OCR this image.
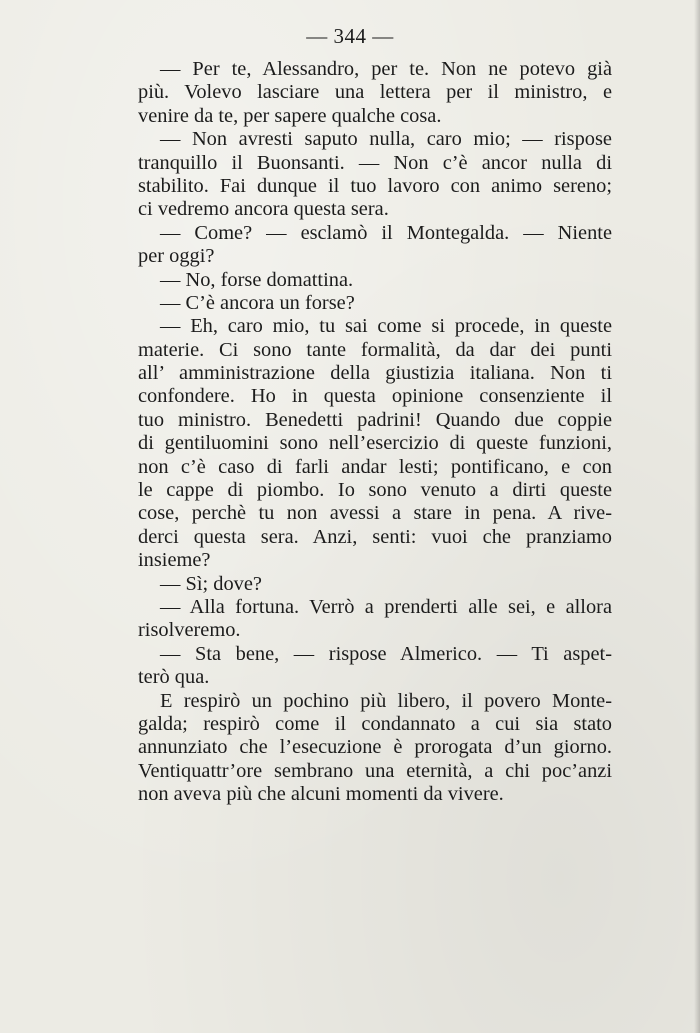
— 344 —
— Per te, Alessandro, per te. Non ne potevo già
più. Volevo lasciare una lettera per il ministro, e
venire da te, per sapere qualche cosa.
— Non avresti saputo nulla, caro mio; — rispose
tranquillo il Buonsanti. — Non c’è ancor nulla di
stabilito. Fai dunque il tuo lavoro con animo sereno;
ci vedremo ancora questa sera.
— Come? — esclamò il Montegalda. — Niente
per oggi?
— No, forse domattina.
— C’è ancora un forse?
— Eh, caro mio, tu sai come si procede, in queste
materie. Ci sono tante formalità, da dar dei punti
all’ amministrazione della giustizia italiana. Non ti
confondere. Ho in questa opinione consenziente il
tuo ministro. Benedetti padrini! Quando due coppie
di gentiluomini sono nell’esercizio di queste funzioni,
non c’è caso di farli andar lesti; pontificano, e con
le cappe di piombo. Io sono venuto a dirti queste
cose, perchè tu non avessi a stare in pena. A rive-
derci questa sera. Anzi, senti: vuoi che pranziamo
insieme?
— Sì; dove?
— Alla fortuna. Verrò a prenderti alle sei, e allora
risolveremo.
— Sta bene, — rispose Almerico. — Ti aspet-
terò qua.
E respirò un pochino più libero, il povero Monte-
galda; respirò come il condannato a cui sia stato
annunziato che l’esecuzione è prorogata d’un giorno.
Ventiquattr’ore sembrano una eternità, a chi poc’anzi
non aveva più che alcuni momenti da vivere.
